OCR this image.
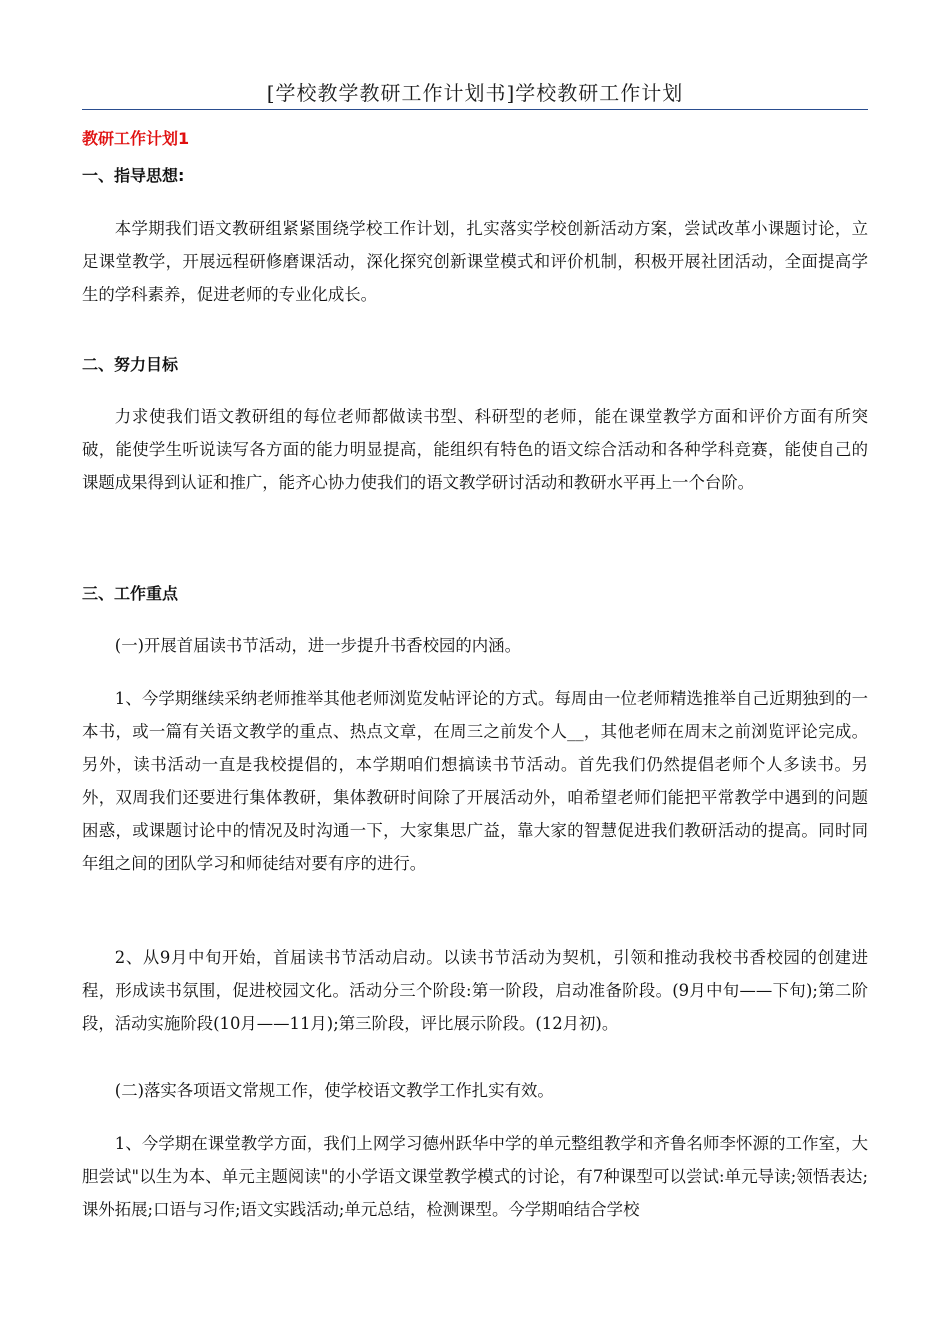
[学校教学教研工作计划书]学校教研工作计划
教研工作计划1
一、指导思想:

本学期我们语文教研组紧紧围绕学校工作计划，扎实落实学校创新活动方案，尝试改革小课题讨论，立足课堂教学，开展远程研修磨课活动，深化探究创新课堂模式和评价机制，积极开展社团活动，全面提高学生的学科素养，促进老师的专业化成长。

二、努力目标

力求使我们语文教研组的每位老师都做读书型、科研型的老师，能在课堂教学方面和评价方面有所突破，能使学生听说读写各方面的能力明显提高，能组织有特色的语文综合活动和各种学科竞赛，能使自己的课题成果得到认证和推广，能齐心协力使我们的语文教学研讨活动和教研水平再上一个台阶。

三、工作重点

(一)开展首届读书节活动，进一步提升书香校园的内涵。

1、今学期继续采纳老师推举其他老师浏览发帖评论的方式。每周由一位老师精选推举自己近期独到的一本书，或一篇有关语文教学的重点、热点文章，在周三之前发个人__，其他老师在周末之前浏览评论完成。另外，读书活动一直是我校提倡的，本学期咱们想搞读书节活动。首先我们仍然提倡老师个人多读书。另外，双周我们还要进行集体教研，集体教研时间除了开展活动外，咱希望老师们能把平常教学中遇到的问题困惑，或课题讨论中的情况及时沟通一下，大家集思广益，靠大家的智慧促进我们教研活动的提高。同时同年组之间的团队学习和师徒结对要有序的进行。

2、从9月中旬开始，首届读书节活动启动。以读书节活动为契机，引领和推动我校书香校园的创建进程，形成读书氛围，促进校园文化。活动分三个阶段:第一阶段，启动准备阶段。(9月中旬——下旬);第二阶段，活动实施阶段(10月——11月);第三阶段，评比展示阶段。(12月初)。

(二)落实各项语文常规工作，使学校语文教学工作扎实有效。

1、今学期在课堂教学方面，我们上网学习德州跃华中学的单元整组教学和齐鲁名师李怀源的工作室，大胆尝试"以生为本、单元主题阅读"的小学语文课堂教学模式的讨论，有7种课型可以尝试:单元导读;领悟表达;课外拓展;口语与习作;语文实践活动;单元总结，检测课型。今学期咱结合学校
